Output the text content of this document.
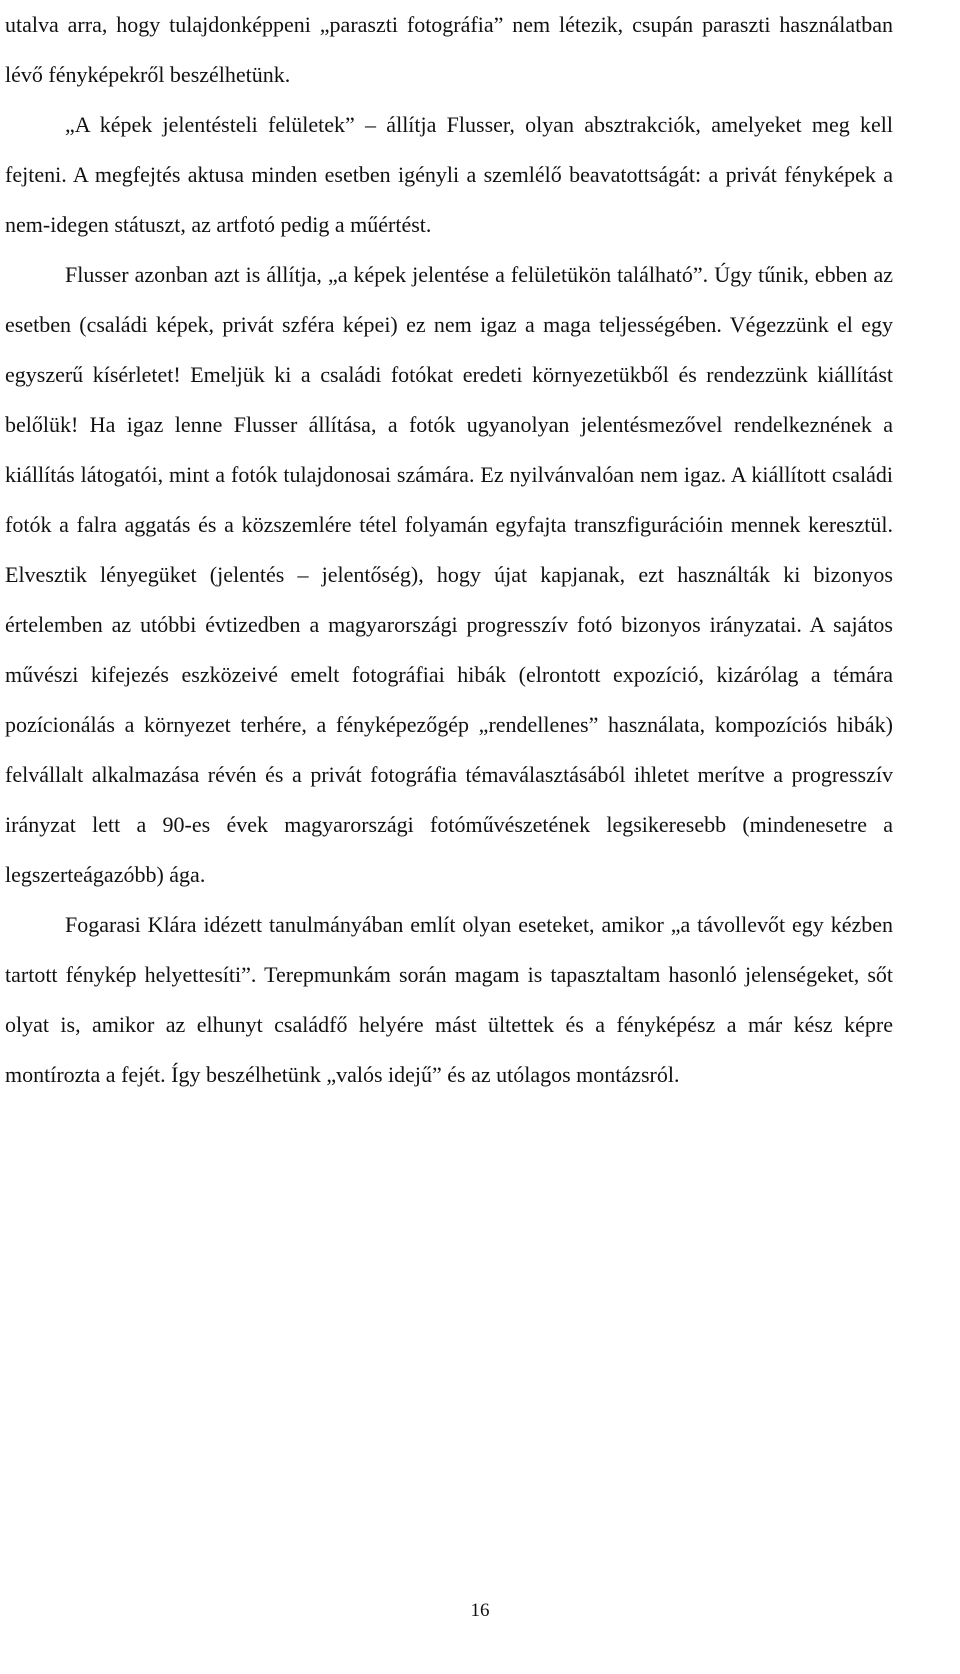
utalva arra, hogy tulajdonképpeni „paraszti fotográfia” nem létezik, csupán paraszti használatban lévő fényképekről beszélhetünk.

„A képek jelentésteli felületek” – állítja Flusser, olyan absztrakciók, amelyeket meg kell fejteni. A megfejtés aktusa minden esetben igényli a szemlélő beavatottságát: a privát fényképek a nem-idegen státuszt, az artfotó pedig a műértést.

Flusser azonban azt is állítja, „a képek jelentése a felületükön található”. Úgy tűnik, ebben az esetben (családi képek, privát szféra képei) ez nem igaz a maga teljességében. Végezzünk el egy egyszerű kísérletet! Emeljük ki a családi fotókat eredeti környezetükből és rendezzünk kiállítást belőlük! Ha igaz lenne Flusser állítása, a fotók ugyanolyan jelentésmezővel rendelkeznének a kiállítás látogatói, mint a fotók tulajdonosai számára. Ez nyilvánvalóan nem igaz. A kiállított családi fotók a falra aggatás és a közszemlére tétel folyamán egyfajta transzfigurációin mennek keresztül. Elvesztik lényegüket (jelentés – jelentőség), hogy újat kapjanak, ezt használták ki bizonyos értelemben az utóbbi évtizedben a magyarországi progresszív fotó bizonyos irányzatai. A sajátos művészi kifejezés eszközeivé emelt fotográfiai hibák (elrontott expozíció, kizárólag a témára pozícionálás a környezet terhére, a fényképezőgép „rendellenes” használata, kompozíciós hibák) felvállalt alkalmazása révén és a privát fotográfia témaválasztásából ihletet merítve a progresszív irányzat lett a 90-es évek magyarországi fotóművészetének legsikeresebb (mindenesetre a legszerteágazóbb) ága.

Fogarasi Klára idézett tanulmányában említ olyan eseteket, amikor „a távollevőt egy kézben tartott fénykép helyettesíti”. Terepmunkám során magam is tapasztaltam hasonló jelenségeket, sőt olyat is, amikor az elhunyt családfő helyére mást ültettek és a fényképész a már kész képre montírozta a fejét. Így beszélhetünk „valós idejű” és az utólagos montázsról.

16
